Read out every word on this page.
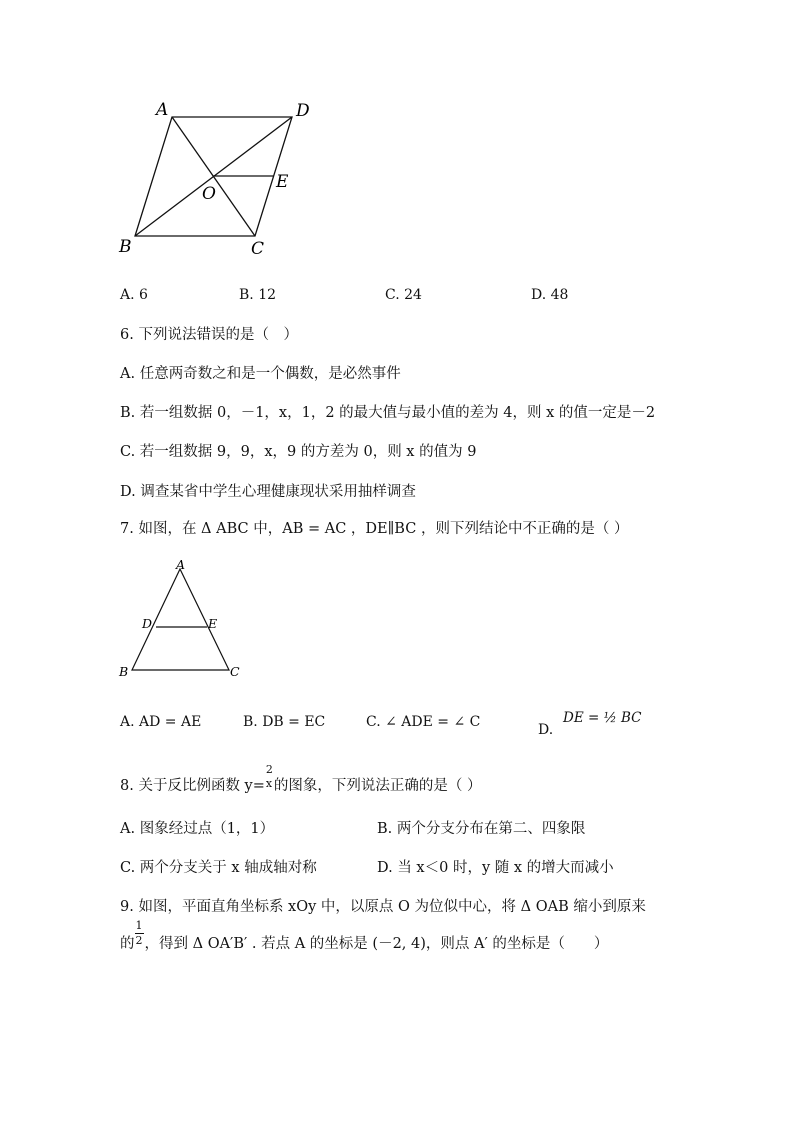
A	D
O
E
B	C
A. 6	B. 12	C. 24	D. 48
6. 下列说法错误的是（　）
A. 任意两奇数之和是一个偶数，是必然事件
B. 若一组数据 0，－1，x，1，2 的最大值与最小值的差为 4，则 x 的值一定是－2
C. 若一组数据 9，9，x，9 的方差为 0，则 x 的值为 9
D. 调查某省中学生心理健康现状采用抽样调查
7. 如图，在 Δ ABC 中，AB = AC ，DE∥BC ，则下列结论中不正确的是（ ）
A
D	E
B	C
A. AD = AE	B. DB = EC	C. ∠ ADE = ∠ C	D.
DE = ½ BC
8. 关于反比例函数 y=
2
x 的图象，下列说法正确的是（ ）
A. 图象经过点（1，1）	B. 两个分支分布在第二、四象限
C. 两个分支关于 x 轴成轴对称	D. 当 x＜0 时，y 随 x 的增大而减小
9. 如图，平面直角坐标系 xOy 中，以原点 O 为位似中心，将 Δ OAB 缩小到原来
的 $\frac{1}{2}$ ，得到 Δ OA′B′ . 若点 A 的坐标是 (－2, 4)，则点 A′ 的坐标是（　　）
